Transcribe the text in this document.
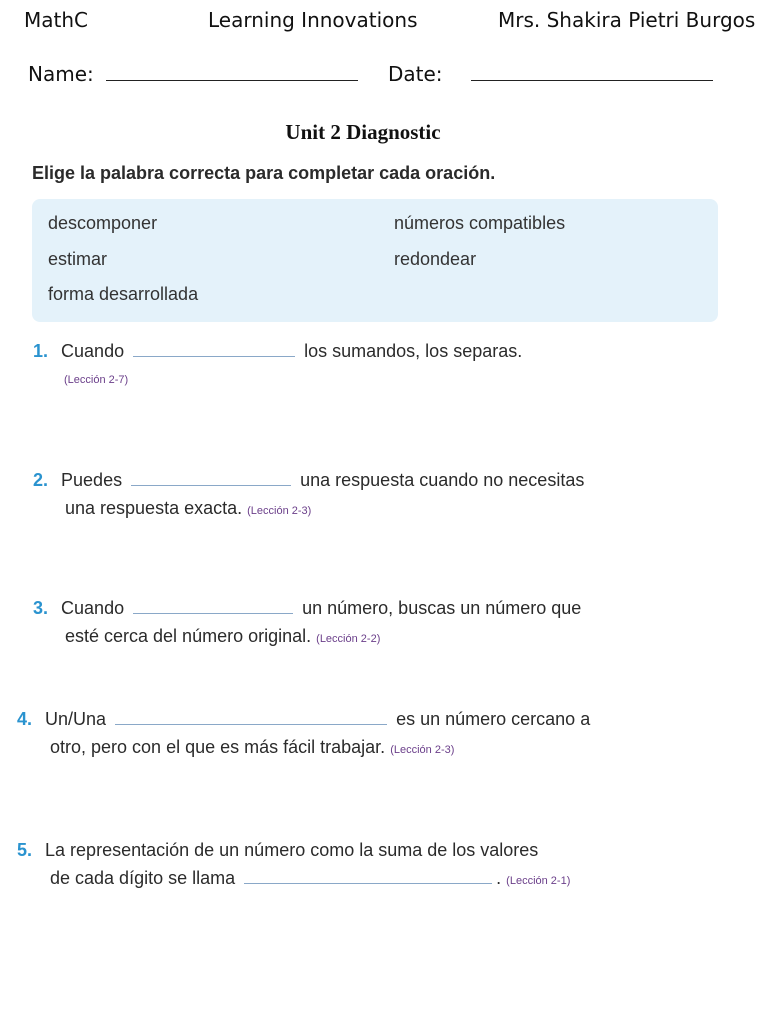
MathC	Learning Innovations	Mrs. Shakira Pietri Burgos
Name:	Date:
Unit 2 Diagnostic
Elige la palabra correcta para completar cada oración.
descomponer	números compatibles
estimar	redondear
forma desarrollada
1. Cuando	los sumandos, los separas.
(Lección 2-7)
2. Puedes	una respuesta cuando no necesitas
una respuesta exacta. (Lección 2-3)
3. Cuando	un número, buscas un número que
esté cerca del número original. (Lección 2-2)
4. Un/Una	es un número cercano a
otro, pero con el que es más fácil trabajar. (Lección 2-3)
5. La representación de un número como la suma de los valores
de cada dígito se llama	. (Lección 2-1)
